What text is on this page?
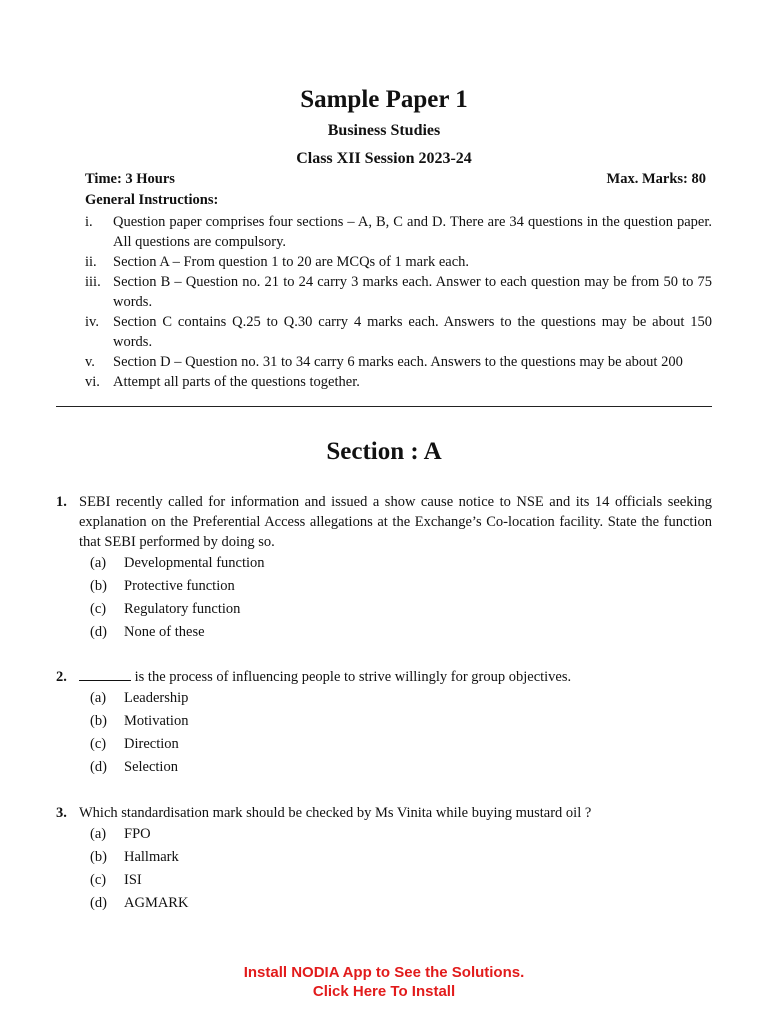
Sample Paper 1
Business Studies
Class XII Session 2023-24
Time: 3 Hours	Max. Marks: 80
General Instructions:
i. Question paper comprises four sections – A, B, C and D. There are 34 questions in the question paper. All questions are compulsory.
ii. Section A – From question 1 to 20 are MCQs of 1 mark each.
iii. Section B – Question no. 21 to 24 carry 3 marks each. Answer to each question may be from 50 to 75 words.
iv. Section C contains Q.25 to Q.30 carry 4 marks each. Answers to the questions may be about 150 words.
v. Section D – Question no. 31 to 34 carry 6 marks each. Answers to the questions may be about 200
vi. Attempt all parts of the questions together.
Section : A
1. SEBI recently called for information and issued a show cause notice to NSE and its 14 officials seeking explanation on the Preferential Access allegations at the Exchange’s Co-location facility. State the function that SEBI performed by doing so.
(a) Developmental function
(b) Protective function
(c) Regulatory function
(d) None of these
2.	is the process of influencing people to strive willingly for group objectives.
(a) Leadership
(b) Motivation
(c) Direction
(d) Selection
3. Which standardisation mark should be checked by Ms Vinita while buying mustard oil ?
(a) FPO
(b) Hallmark
(c) ISI
(d) AGMARK
Install NODIA App to See the Solutions.
Click Here To Install
